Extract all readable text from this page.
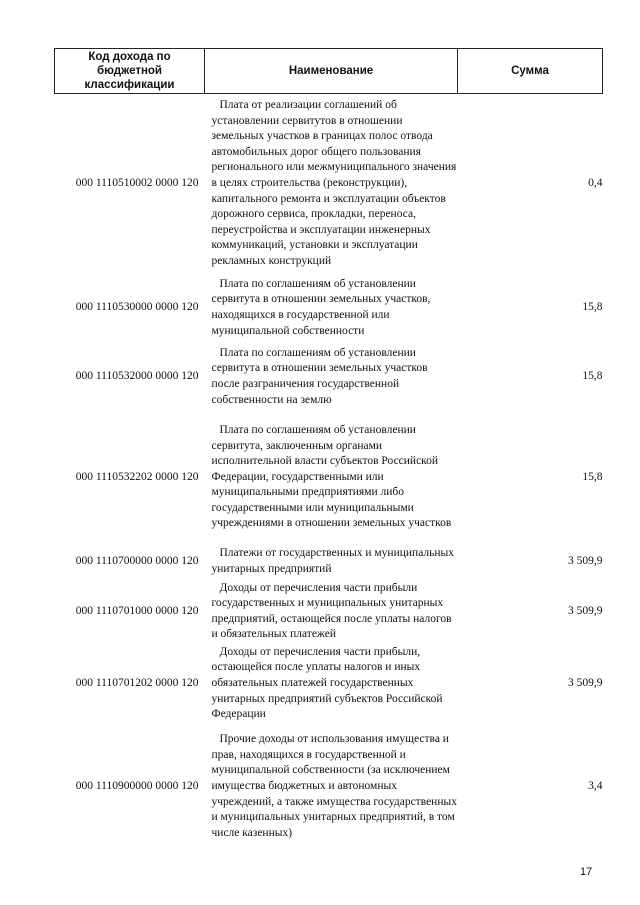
Код дохода по бюджетной классификации	Наименование	Сумма
000 1110510002 0000 120	Плата от реализации соглашений об установлении сервитутов в отношении земельных участков в границах полос отвода автомобильных дорог общего пользования регионального или межмуниципального значения в целях строительства (реконструкции), капитального ремонта и эксплуатации объектов дорожного сервиса, прокладки, переноса, переустройства и эксплуатации инженерных коммуникаций, установки и эксплуатации рекламных конструкций	0,4
000 1110530000 0000 120	Плата по соглашениям об установлении сервитута в отношении земельных участков, находящихся в государственной или муниципальной собственности	15,8
000 1110532000 0000 120	Плата по соглашениям об установлении сервитута в отношении земельных участков после разграничения государственной собственности на землю	15,8
000 1110532202 0000 120	Плата по соглашениям об установлении сервитута, заключенным органами исполнительной власти субъектов Российской Федерации, государственными или муниципальными предприятиями либо государственными или муниципальными учреждениями в отношении земельных участков	15,8
000 1110700000 0000 120	Платежи от государственных и муниципальных унитарных предприятий	3 509,9
000 1110701000 0000 120	Доходы от перечисления части прибыли государственных и муниципальных унитарных предприятий, остающейся после уплаты налогов и обязательных платежей	3 509,9
000 1110701202 0000 120	Доходы от перечисления части прибыли, остающейся после уплаты налогов и иных обязательных платежей государственных унитарных предприятий субъектов Российской Федерации	3 509,9
000 1110900000 0000 120	Прочие доходы от использования имущества и прав, находящихся в государственной и муниципальной собственности (за исключением имущества бюджетных и автономных учреждений, а также имущества государственных и муниципальных унитарных предприятий, в том числе казенных)	3,4
17
